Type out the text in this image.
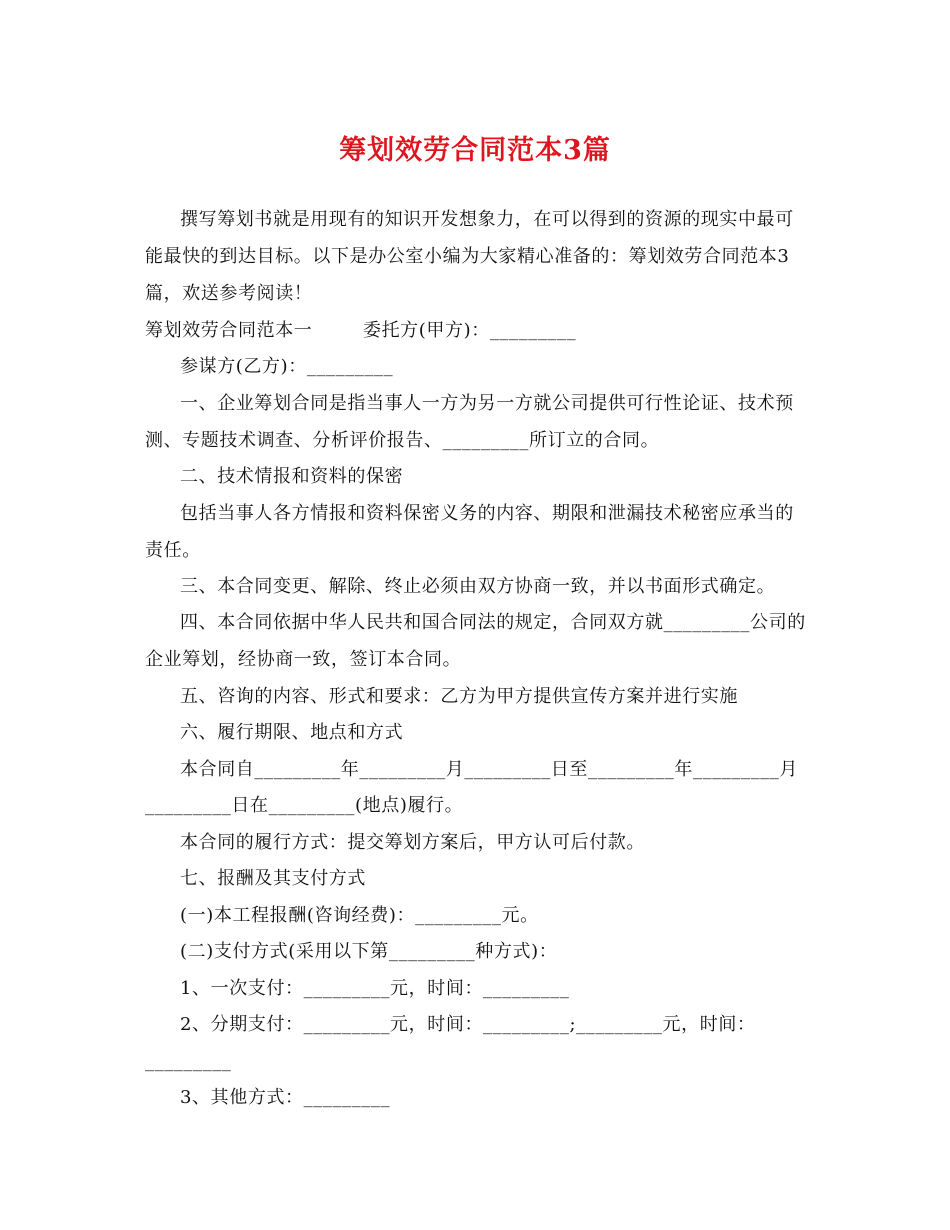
筹划效劳合同范本3篇
撰写筹划书就是用现有的知识开发想象力，在可以得到的资源的现实中最可
能最快的到达目标。以下是办公室小编为大家精心准备的：筹划效劳合同范本3
篇，欢送参考阅读！
筹划效劳合同范本一        委托方(甲方)：_________
参谋方(乙方)：_________
一、企业筹划合同是指当事人一方为另一方就公司提供可行性论证、技术预
测、专题技术调查、分析评价报告、_________所订立的合同。
二、技术情报和资料的保密
包括当事人各方情报和资料保密义务的内容、期限和泄漏技术秘密应承当的
责任。
三、本合同变更、解除、终止必须由双方协商一致，并以书面形式确定。
四、本合同依据中华人民共和国合同法的规定，合同双方就_________公司的
企业筹划，经协商一致，签订本合同。
五、咨询的内容、形式和要求：乙方为甲方提供宣传方案并进行实施
六、履行期限、地点和方式
本合同自_________年_________月_________日至_________年_________月
_________日在_________(地点)履行。
本合同的履行方式：提交筹划方案后，甲方认可后付款。
七、报酬及其支付方式
(一)本工程报酬(咨询经费)：_________元。
(二)支付方式(采用以下第_________种方式)：
1、一次支付：_________元，时间：_________
2、分期支付：_________元，时间：_________;_________元，时间：
_________
3、其他方式：_________
